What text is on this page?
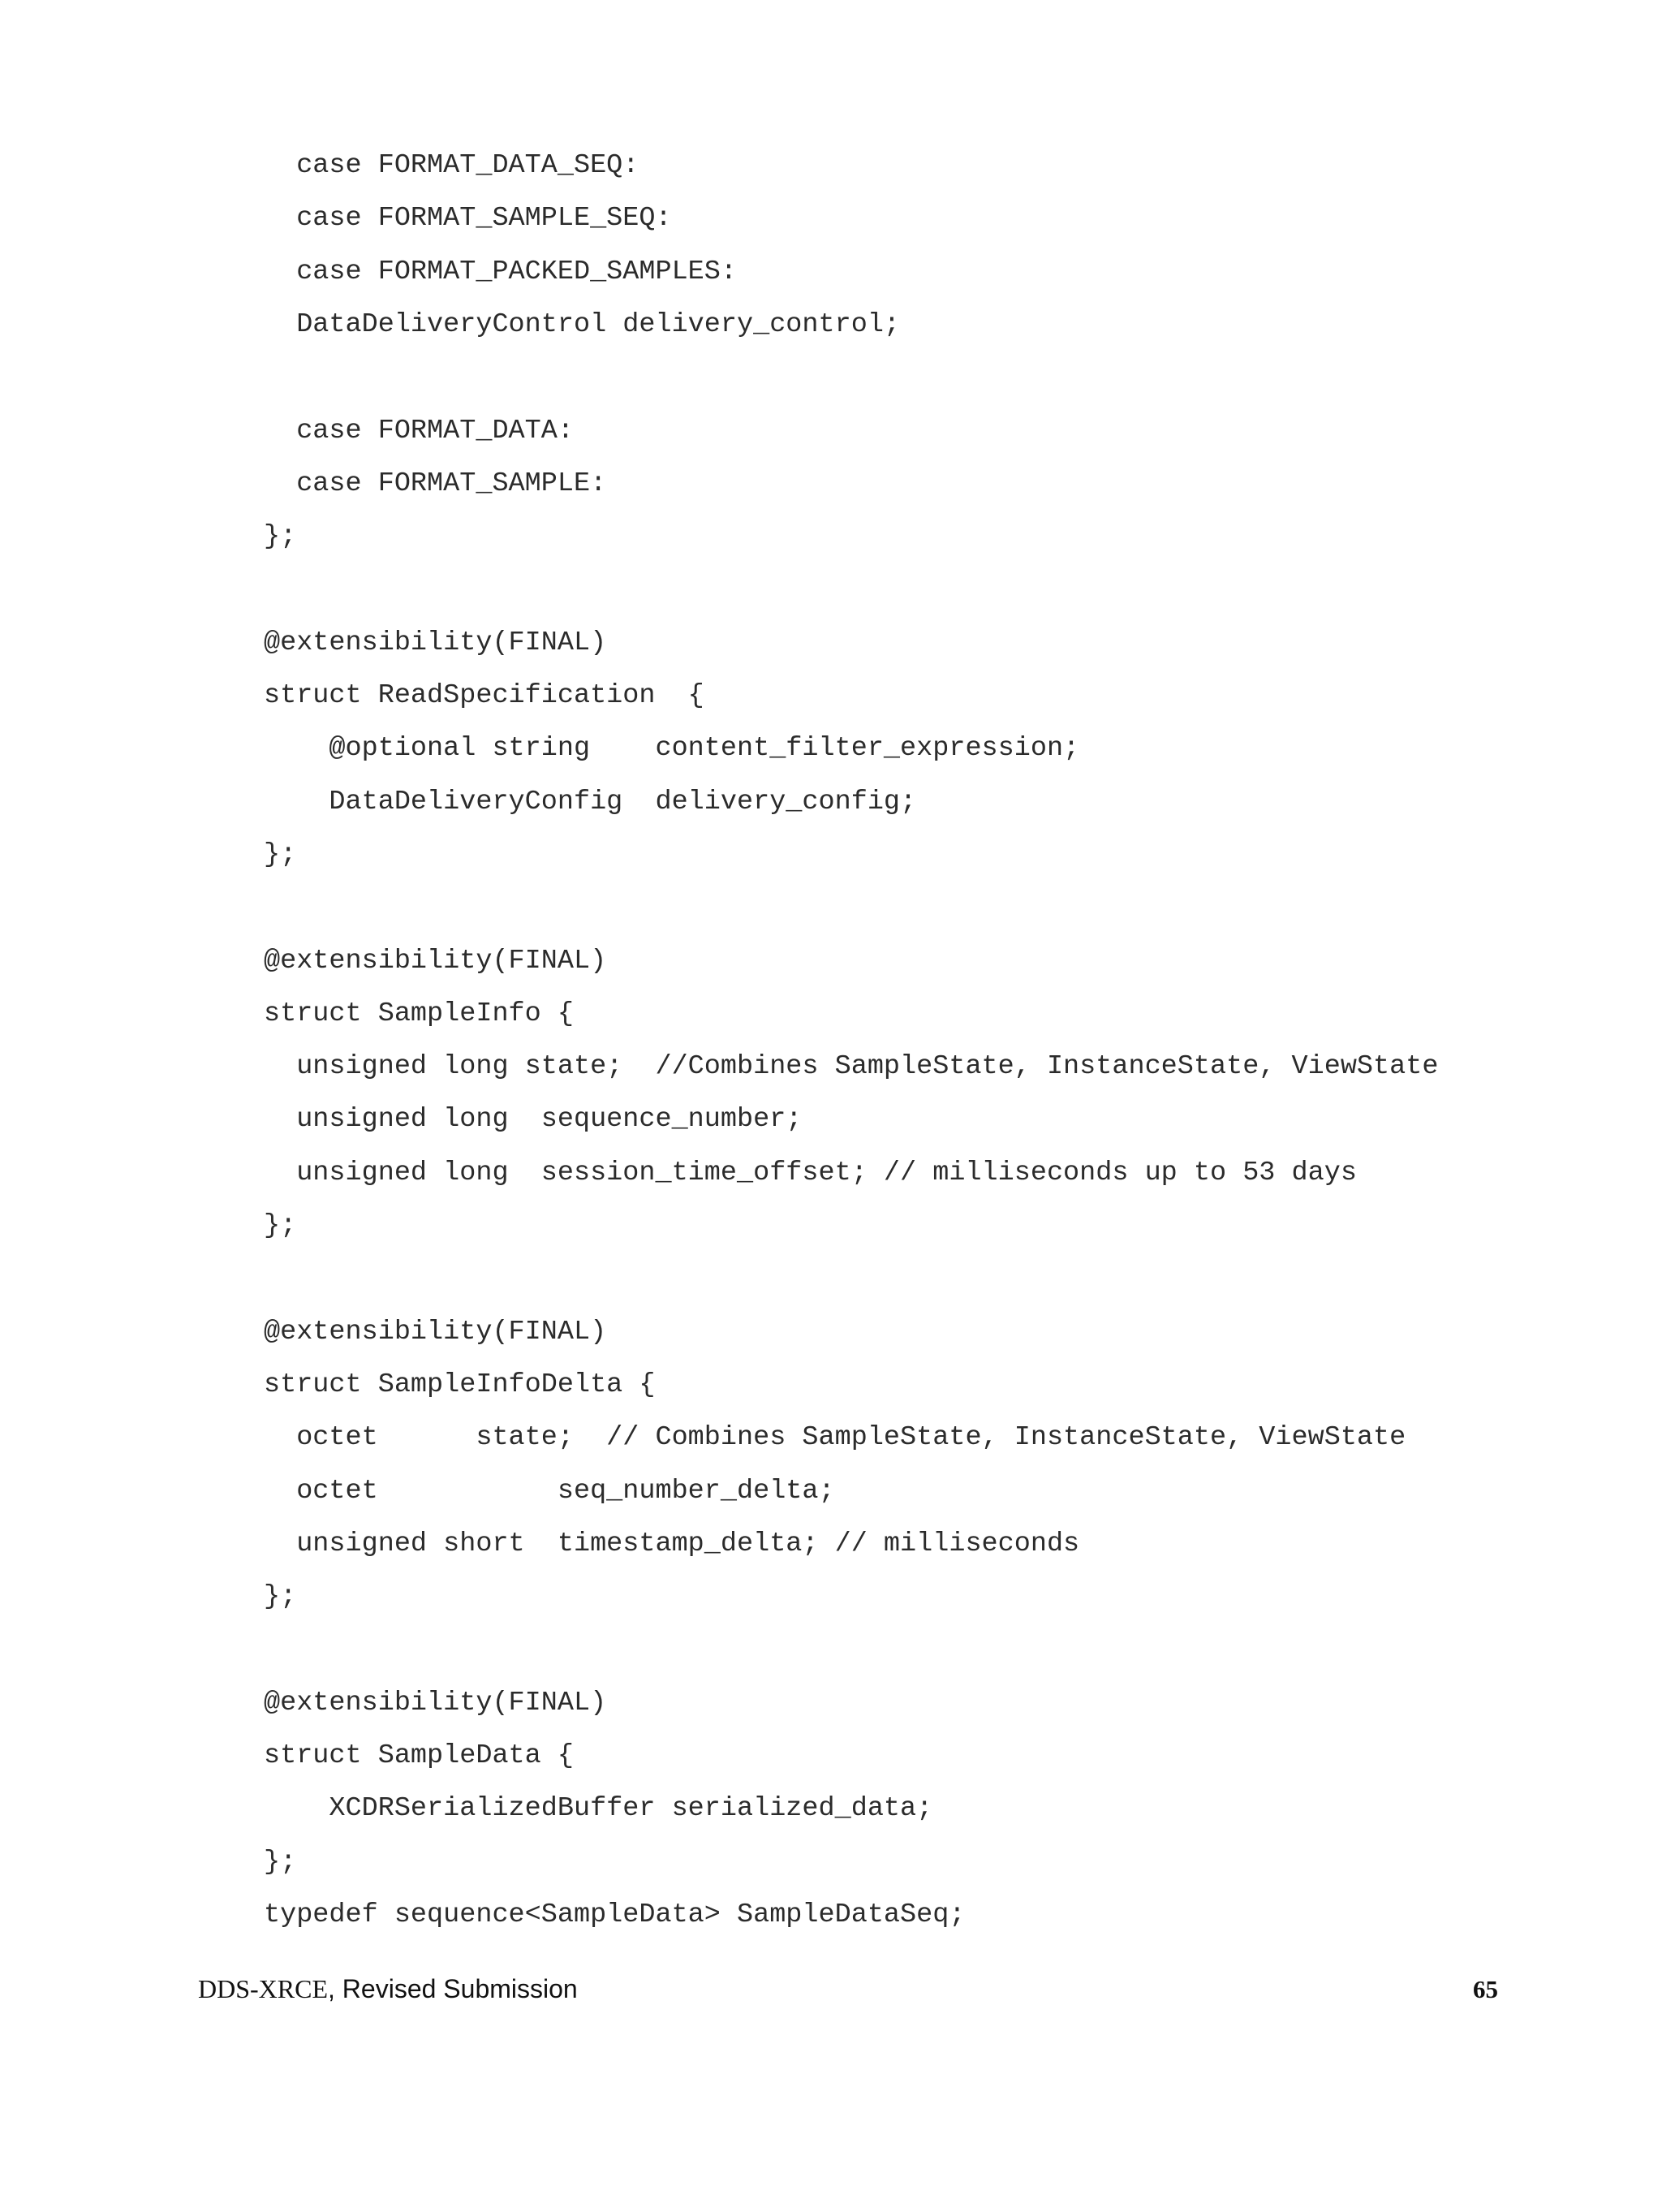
case FORMAT_DATA_SEQ:
case FORMAT_SAMPLE_SEQ:
case FORMAT_PACKED_SAMPLES:
DataDeliveryControl delivery_control;
case FORMAT_DATA:
case FORMAT_SAMPLE:
};
@extensibility(FINAL)
struct ReadSpecification  {
@optional string    content_filter_expression;
DataDeliveryConfig  delivery_config;
};
@extensibility(FINAL)
struct SampleInfo {
unsigned long state;  //Combines SampleState, InstanceState, ViewState
unsigned long  sequence_number;
unsigned long  session_time_offset; // milliseconds up to 53 days
};
@extensibility(FINAL)
struct SampleInfoDelta {
octet      state;  // Combines SampleState, InstanceState, ViewState
octet           seq_number_delta;
unsigned short  timestamp_delta; // milliseconds
};
@extensibility(FINAL)
struct SampleData {
XCDRSerializedBuffer serialized_data;
};
typedef sequence<SampleData> SampleDataSeq;
DDS-XRCE, Revised Submission	65
